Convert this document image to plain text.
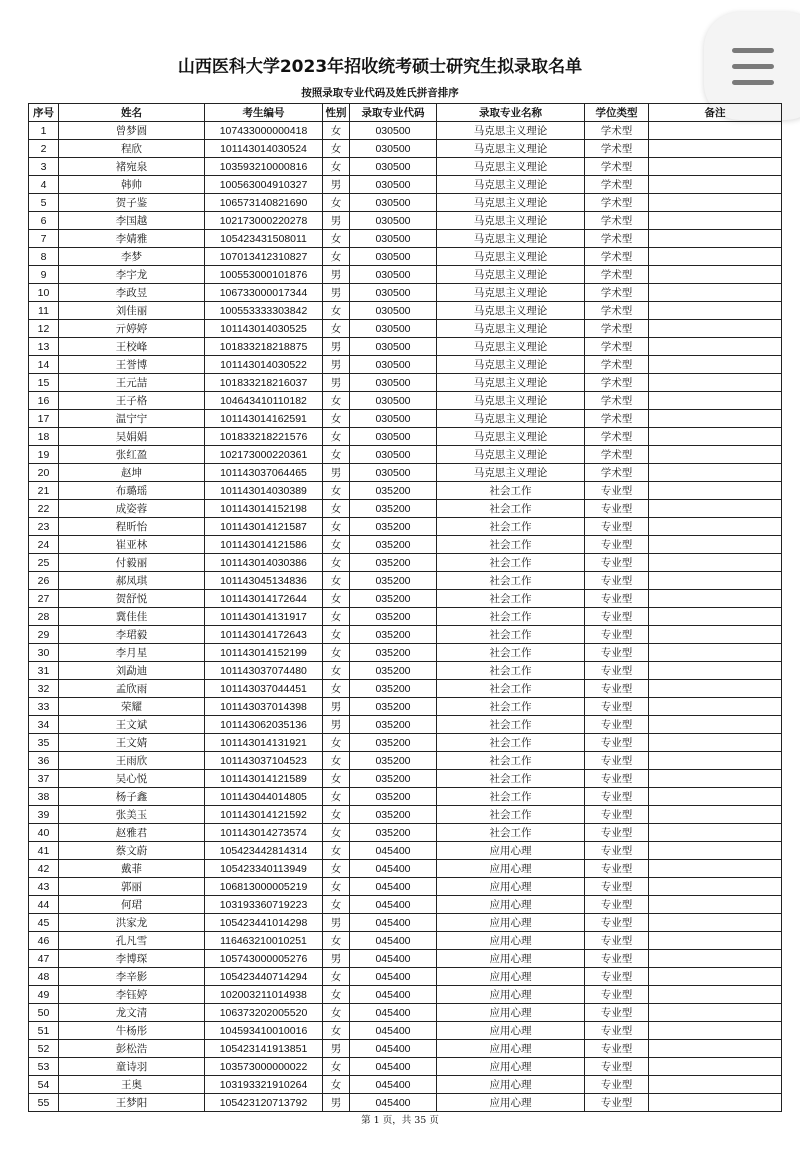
山西医科大学2023年招收统考硕士研究生拟录取名单
按照录取专业代码及姓氏拼音排序
序号	姓名	考生编号	性别	录取专业代码	录取专业名称	学位类型	备注
1	曾梦圆	107433000000418	女	030500	马克思主义理论	学术型	
2	程欣	101143014030524	女	030500	马克思主义理论	学术型	
3	褚宛泉	103593210000816	女	030500	马克思主义理论	学术型	
4	韩帅	100563004910327	男	030500	马克思主义理论	学术型	
5	贺子鉴	106573140821690	女	030500	马克思主义理论	学术型	
6	李国越	102173000220278	男	030500	马克思主义理论	学术型	
7	李婧雅	105423431508011	女	030500	马克思主义理论	学术型	
8	李梦	107013412310827	女	030500	马克思主义理论	学术型	
9	李宇龙	100553000101876	男	030500	马克思主义理论	学术型	
10	李政昱	106733000017344	男	030500	马克思主义理论	学术型	
11	刘佳丽	100553333303842	女	030500	马克思主义理论	学术型	
12	亓婷婷	101143014030525	女	030500	马克思主义理论	学术型	
13	王校峰	101833218218875	男	030500	马克思主义理论	学术型	
14	王誉博	101143014030522	男	030500	马克思主义理论	学术型	
15	王元喆	101833218216037	男	030500	马克思主义理论	学术型	
16	王子格	104643410110182	女	030500	马克思主义理论	学术型	
17	温宁宁	101143014162591	女	030500	马克思主义理论	学术型	
18	吴娟娟	101833218221576	女	030500	马克思主义理论	学术型	
19	张红盈	102173000220361	女	030500	马克思主义理论	学术型	
20	赵坤	101143037064465	男	030500	马克思主义理论	学术型	
21	布璐瑶	101143014030389	女	035200	社会工作	专业型	
22	成姿蓉	101143014152198	女	035200	社会工作	专业型	
23	程昕怡	101143014121587	女	035200	社会工作	专业型	
24	崔亚林	101143014121586	女	035200	社会工作	专业型	
25	付毅丽	101143014030386	女	035200	社会工作	专业型	
26	郝凤琪	101143045134836	女	035200	社会工作	专业型	
27	贺舒悦	101143014172644	女	035200	社会工作	专业型	
28	冀佳佳	101143014131917	女	035200	社会工作	专业型	
29	李珺毅	101143014172643	女	035200	社会工作	专业型	
30	李月星	101143014152199	女	035200	社会工作	专业型	
31	刘勐迪	101143037074480	女	035200	社会工作	专业型	
32	孟欣雨	101143037044451	女	035200	社会工作	专业型	
33	荣耀	101143037014398	男	035200	社会工作	专业型	
34	王文斌	101143062035136	男	035200	社会工作	专业型	
35	王文婧	101143014131921	女	035200	社会工作	专业型	
36	王雨欣	101143037104523	女	035200	社会工作	专业型	
37	吴心悦	101143014121589	女	035200	社会工作	专业型	
38	杨子鑫	101143044014805	女	035200	社会工作	专业型	
39	张美玉	101143014121592	女	035200	社会工作	专业型	
40	赵雅君	101143014273574	女	035200	社会工作	专业型	
41	蔡文蔚	105423442814314	女	045400	应用心理	专业型	
42	戴菲	105423340113949	女	045400	应用心理	专业型	
43	郭丽	106813000005219	女	045400	应用心理	专业型	
44	何珺	103193360719223	女	045400	应用心理	专业型	
45	洪家龙	105423441014298	男	045400	应用心理	专业型	
46	孔凡雪	116463210010251	女	045400	应用心理	专业型	
47	李博琛	105743000005276	男	045400	应用心理	专业型	
48	李辛影	105423440714294	女	045400	应用心理	专业型	
49	李钰婷	102003211014938	女	045400	应用心理	专业型	
50	龙文清	106373202005520	女	045400	应用心理	专业型	
51	牛杨彤	104593410010016	女	045400	应用心理	专业型	
52	彭松浩	105423141913851	男	045400	应用心理	专业型	
53	童诗羽	103573000000022	女	045400	应用心理	专业型	
54	王奥	103193321910264	女	045400	应用心理	专业型	
55	王梦阳	105423120713792	男	045400	应用心理	专业型	
第 1 页，共 35 页
